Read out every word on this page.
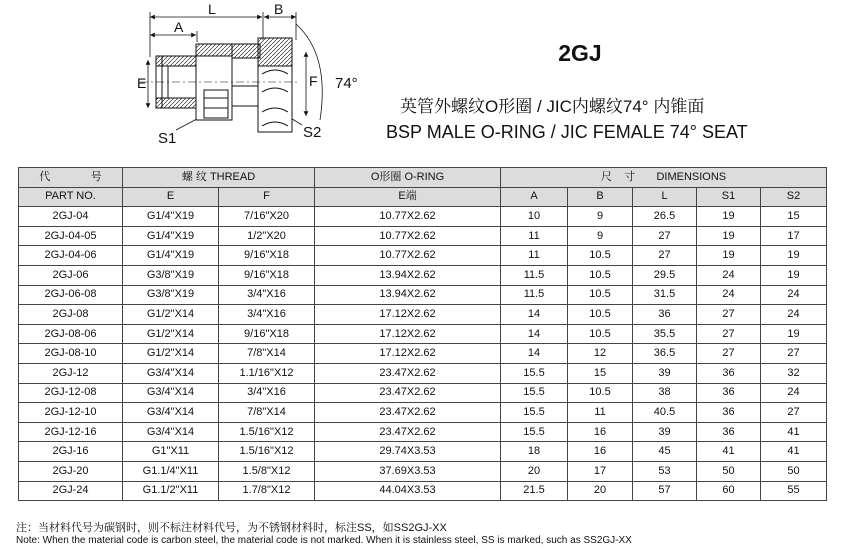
A
L	B
E	F 74°
S1	S2
2GJ
英管外螺纹O形圈 / JIC内螺纹74° 内锥面
BSP MALE O-RING / JIC FEMALE 74° SEAT
代 号	螺 纹 THREAD		O形圈 O-RING	尺 寸 DIMENSIONS				
PART NO.	E	F	E端	A	B	L	S1	S2
2GJ-04	G1/4"X19	7/16"X20	10.77X2.62	10	9	26.5	19	15
2GJ-04-05	G1/4"X19	1/2"X20	10.77X2.62	11	9	27	19	17
2GJ-04-06	G1/4"X19	9/16"X18	10.77X2.62	11	10.5	27	19	19
2GJ-06	G3/8"X19	9/16"X18	13.94X2.62	11.5	10.5	29.5	24	19
2GJ-06-08	G3/8"X19	3/4"X16	13.94X2.62	11.5	10.5	31.5	24	24
2GJ-08	G1/2"X14	3/4"X16	17.12X2.62	14	10.5	36	27	24
2GJ-08-06	G1/2"X14	9/16"X18	17.12X2.62	14	10.5	35.5	27	19
2GJ-08-10	G1/2"X14	7/8"X14	17.12X2.62	14	12	36.5	27	27
2GJ-12	G3/4"X14	1.1/16"X12	23.47X2.62	15.5	15	39	36	32
2GJ-12-08	G3/4"X14	3/4"X16	23.47X2.62	15.5	10.5	38	36	24
2GJ-12-10	G3/4"X14	7/8"X14	23.47X2.62	15.5	11	40.5	36	27
2GJ-12-16	G3/4"X14	1.5/16"X12	23.47X2.62	15.5	16	39	36	41
2GJ-16	G1"X11	1.5/16"X12	29.74X3.53	18	16	45	41	41
2GJ-20	G1.1/4"X11	1.5/8"X12	37.69X3.53	20	17	53	50	50
2GJ-24	G1.1/2"X11	1.7/8"X12	44.04X3.53	21.5	20	57	60	55
注：当材料代号为碳钢时，则不标注材料代号，为不锈钢材料时，标注SS，如SS2GJ-XX
Note: When the material code is carbon steel, the material code is not marked. When it is stainless steel, SS is marked, such as SS2GJ-XX
